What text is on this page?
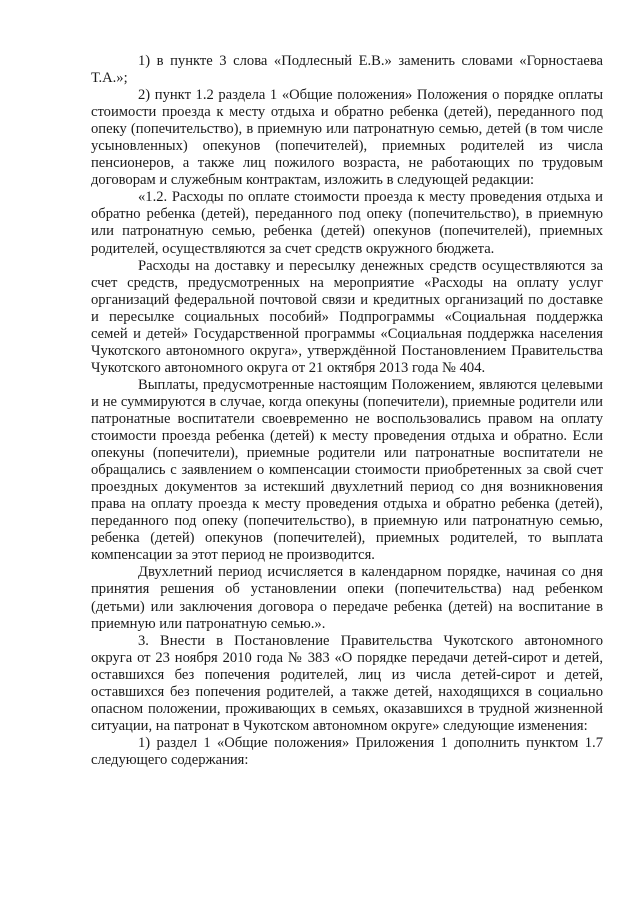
1) в пункте 3 слова «Подлесный Е.В.» заменить словами «Горностаева Т.А.»;

2) пункт 1.2 раздела 1 «Общие положения» Положения о порядке оплаты стоимости проезда к месту отдыха и обратно ребенка (детей), переданного под опеку (попечительство), в приемную или патронатную семью, детей (в том числе усыновленных) опекунов (попечителей), приемных родителей из числа пенсионеров, а также лиц пожилого возраста, не работающих по трудовым договорам и служебным контрактам, изложить в следующей редакции:

«1.2. Расходы по оплате стоимости проезда к месту проведения отдыха и обратно ребенка (детей), переданного под опеку (попечительство), в приемную или патронатную семью, ребенка (детей) опекунов (попечителей), приемных родителей, осуществляются за счет средств окружного бюджета.

Расходы на доставку и пересылку денежных средств осуществляются за счет средств, предусмотренных на мероприятие «Расходы на оплату услуг организаций федеральной почтовой связи и кредитных организаций по доставке и пересылке социальных пособий» Подпрограммы «Социальная поддержка семей и детей» Государственной программы «Социальная поддержка населения Чукотского автономного округа», утверждённой Постановлением Правительства Чукотского автономного округа от 21 октября 2013 года № 404.

Выплаты, предусмотренные настоящим Положением, являются целевыми и не суммируются в случае, когда опекуны (попечители), приемные родители или патронатные воспитатели своевременно не воспользовались правом на оплату стоимости проезда ребенка (детей) к месту проведения отдыха и обратно. Если опекуны (попечители), приемные родители или патронатные воспитатели не обращались с заявлением о компенсации стоимости приобретенных за свой счет проездных документов за истекший двухлетний период со дня возникновения права на оплату проезда к месту проведения отдыха и обратно ребенка (детей), переданного под опеку (попечительство), в приемную или патронатную семью, ребенка (детей) опекунов (попечителей), приемных родителей, то выплата компенсации за этот период не производится.

Двухлетний период исчисляется в календарном порядке, начиная со дня принятия решения об установлении опеки (попечительства) над ребенком (детьми) или заключения договора о передаче ребенка (детей) на воспитание в приемную или патронатную семью.».

3. Внести в Постановление Правительства Чукотского автономного округа от 23 ноября 2010 года № 383 «О порядке передачи детей-сирот и детей, оставшихся без попечения родителей, лиц из числа детей-сирот и детей, оставшихся без попечения родителей, а также детей, находящихся в социально опасном положении, проживающих в семьях, оказавшихся в трудной жизненной ситуации, на патронат в Чукотском автономном округе» следующие изменения:

1) раздел 1 «Общие положения» Приложения 1 дополнить пунктом 1.7 следующего содержания:
